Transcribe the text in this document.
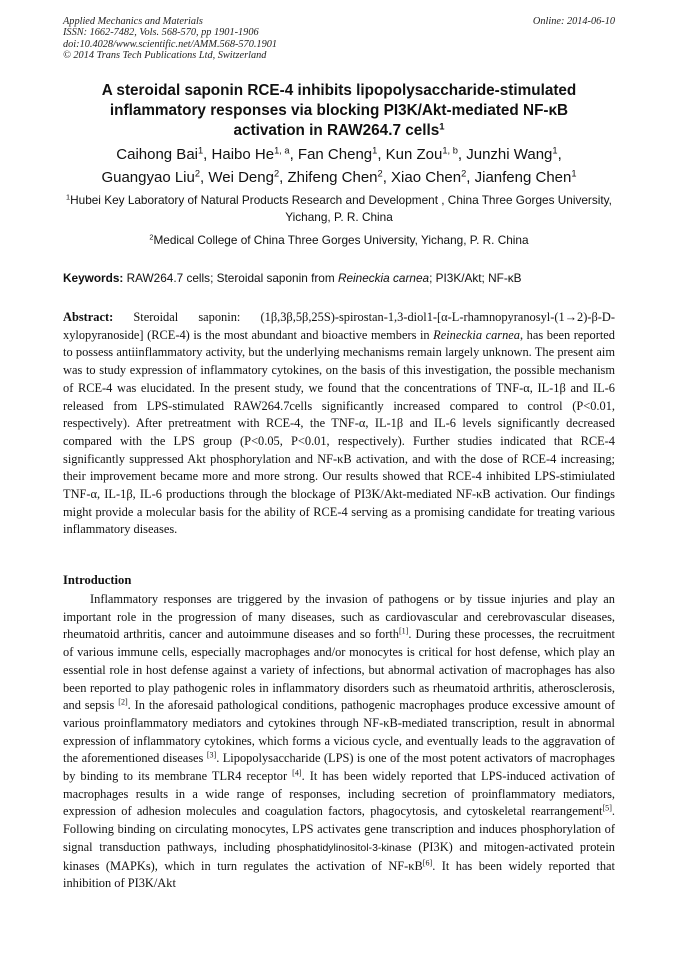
Applied Mechanics and Materials
ISSN: 1662-7482, Vols. 568-570, pp 1901-1906
doi:10.4028/www.scientific.net/AMM.568-570.1901
© 2014 Trans Tech Publications Ltd, Switzerland
Online: 2014-06-10
A steroidal saponin RCE-4 inhibits lipopolysaccharide-stimulated
inflammatory responses via blocking PI3K/Akt-mediated NF-κB
activation in RAW264.7 cells$^1$
Caihong Bai$^1$, Haibo He$^{1, a}$, Fan Cheng$^1$, Kun Zou$^{1, b}$, Junzhi Wang$^1$,
Guangyao Liu$^2$, Wei Deng$^2$, Zhifeng Chen$^2$, Xiao Chen$^2$, Jianfeng Chen$^1$
$^1$Hubei Key Laboratory of Natural Products Research and Development , China Three Gorges University, Yichang, P. R. China
$^2$Medical College of China Three Gorges University, Yichang, P. R. China
Keywords: RAW264.7 cells; Steroidal saponin from Reineckia carnea; PI3K/Akt; NF-κB
Abstract: Steroidal saponin: (1β,3β,5β,25S)-spirostan-1,3-diol1-[α-L-rhamnopyranosyl-(1→2)-β-D-xylopyranoside] (RCE-4) is the most abundant and bioactive members in Reineckia carnea, has been reported to possess antiinflammatory activity, but the underlying mechanisms remain largely unknown. The present aim was to study expression of inflammatory cytokines, on the basis of this investigation, the possible mechanism of RCE-4 was elucidated. In the present study, we found that the concentrations of TNF-α, IL-1β and IL-6 released from LPS-stimulated RAW264.7cells significantly increased compared to control (P<0.01, respectively). After pretreatment with RCE-4, the TNF-α, IL-1β and IL-6 levels significantly decreased compared with the LPS group (P<0.05, P<0.01, respectively). Further studies indicated that RCE-4 significantly suppressed Akt phosphorylation and NF-κB activation, and with the dose of RCE-4 increasing; their improvement became more and more strong. Our results showed that RCE-4 inhibited LPS-stimiulated TNF-α, IL-1β, IL-6 productions through the blockage of PI3K/Akt-mediated NF-κB activation. Our findings might provide a molecular basis for the ability of RCE-4 serving as a promising candidate for treating various inflammatory diseases.
Introduction
Inflammatory responses are triggered by the invasion of pathogens or by tissue injuries and play an important role in the progression of many diseases, such as cardiovascular and cerebrovascular diseases, rheumatoid arthritis, cancer and autoimmune diseases and so forth[1]. During these processes, the recruitment of various immune cells, especially macrophages and/or monocytes is critical for host defense, which play an essential role in host defense against a variety of infections, but abnormal activation of macrophages has also been reported to play pathogenic roles in inflammatory disorders such as rheumatoid arthritis, atherosclerosis, and sepsis [2]. In the aforesaid pathological conditions, pathogenic macrophages produce excessive amount of various proinflammatory mediators and cytokines through NF-κB-mediated transcription, result in abnormal expression of inflammatory cytokines, which forms a vicious cycle, and eventually leads to the aggravation of the aforementioned diseases [3]. Lipopolysaccharide (LPS) is one of the most potent activators of macrophages by binding to its membrane TLR4 receptor [4]. It has been widely reported that LPS-induced activation of macrophages results in a wide range of responses, including secretion of proinflammatory mediators, expression of adhesion molecules and coagulation factors, phagocytosis, and cytoskeletal rearrangement[5]. Following binding on circulating monocytes, LPS activates gene transcription and induces phosphorylation of signal transduction pathways, including phosphatidylinositol-3-kinase (PI3K) and mitogen-activated protein kinases (MAPKs), which in turn regulates the activation of NF-κB[6]. It has been widely reported that inhibition of PI3K/Akt
